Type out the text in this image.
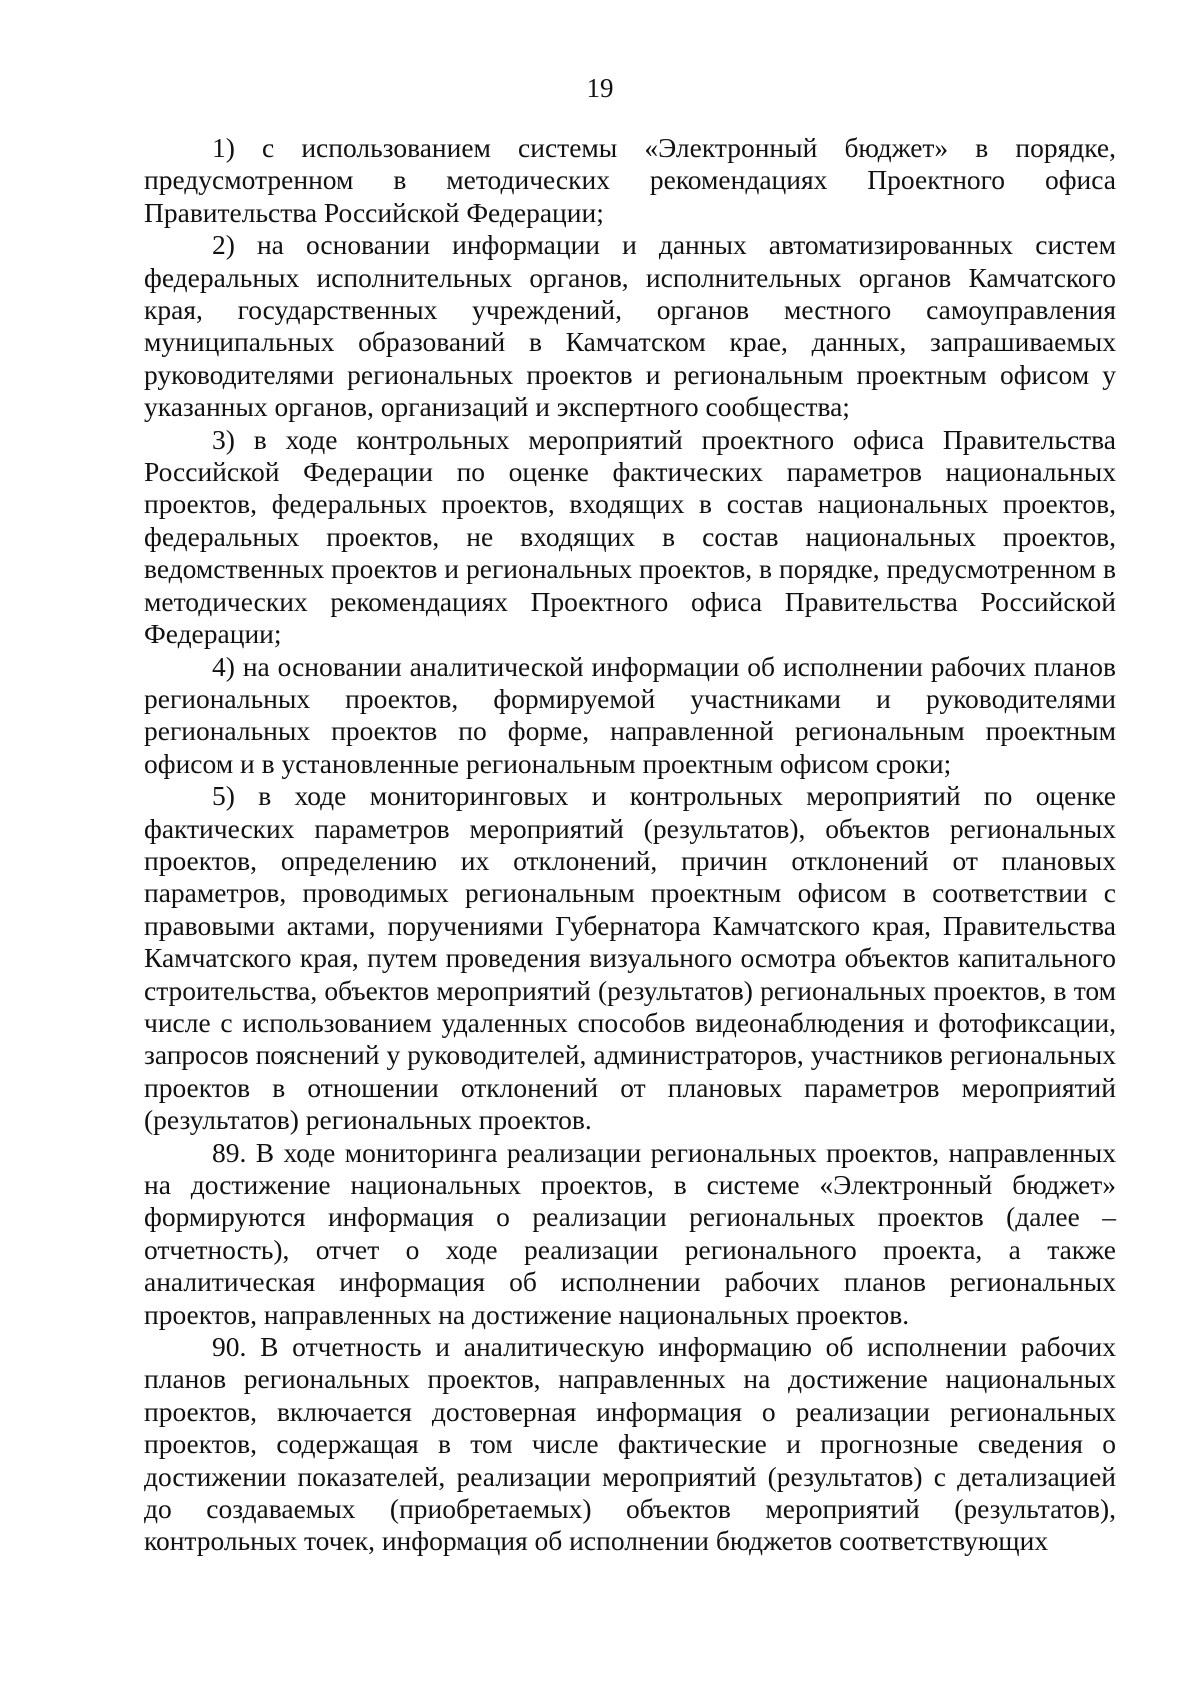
19

1) с использованием системы «Электронный бюджет» в порядке, предусмотренном в методических рекомендациях Проектного офиса Правительства Российской Федерации;

2) на основании информации и данных автоматизированных систем федеральных исполнительных органов, исполнительных органов Камчатского края, государственных учреждений, органов местного самоуправления муниципальных образований в Камчатском крае, данных, запрашиваемых руководителями региональных проектов и региональным проектным офисом у указанных органов, организаций и экспертного сообщества;

3) в ходе контрольных мероприятий проектного офиса Правительства Российской Федерации по оценке фактических параметров национальных проектов, федеральных проектов, входящих в состав национальных проектов, федеральных проектов, не входящих в состав национальных проектов, ведомственных проектов и региональных проектов, в порядке, предусмотренном в методических рекомендациях Проектного офиса Правительства Российской Федерации;

4) на основании аналитической информации об исполнении рабочих планов региональных проектов, формируемой участниками и руководителями региональных проектов по форме, направленной региональным проектным офисом и в установленные региональным проектным офисом сроки;

5) в ходе мониторинговых и контрольных мероприятий по оценке фактических параметров мероприятий (результатов), объектов региональных проектов, определению их отклонений, причин отклонений от плановых параметров, проводимых региональным проектным офисом в соответствии с правовыми актами, поручениями Губернатора Камчатского края, Правительства Камчатского края, путем проведения визуального осмотра объектов капитального строительства, объектов мероприятий (результатов) региональных проектов, в том числе с использованием удаленных способов видеонаблюдения и фотофиксации, запросов пояснений у руководителей, администраторов, участников региональных проектов в отношении отклонений от плановых параметров мероприятий (результатов) региональных проектов.

89. В ходе мониторинга реализации региональных проектов, направленных на достижение национальных проектов, в системе «Электронный бюджет» формируются информация о реализации региональных проектов (далее – отчетность), отчет о ходе реализации регионального проекта, а также аналитическая информация об исполнении рабочих планов региональных проектов, направленных на достижение национальных проектов.

90. В отчетность и аналитическую информацию об исполнении рабочих планов региональных проектов, направленных на достижение национальных проектов, включается достоверная информация о реализации региональных проектов, содержащая в том числе фактические и прогнозные сведения о достижении показателей, реализации мероприятий (результатов) с детализацией до создаваемых (приобретаемых) объектов мероприятий (результатов), контрольных точек, информация об исполнении бюджетов соответствующих
